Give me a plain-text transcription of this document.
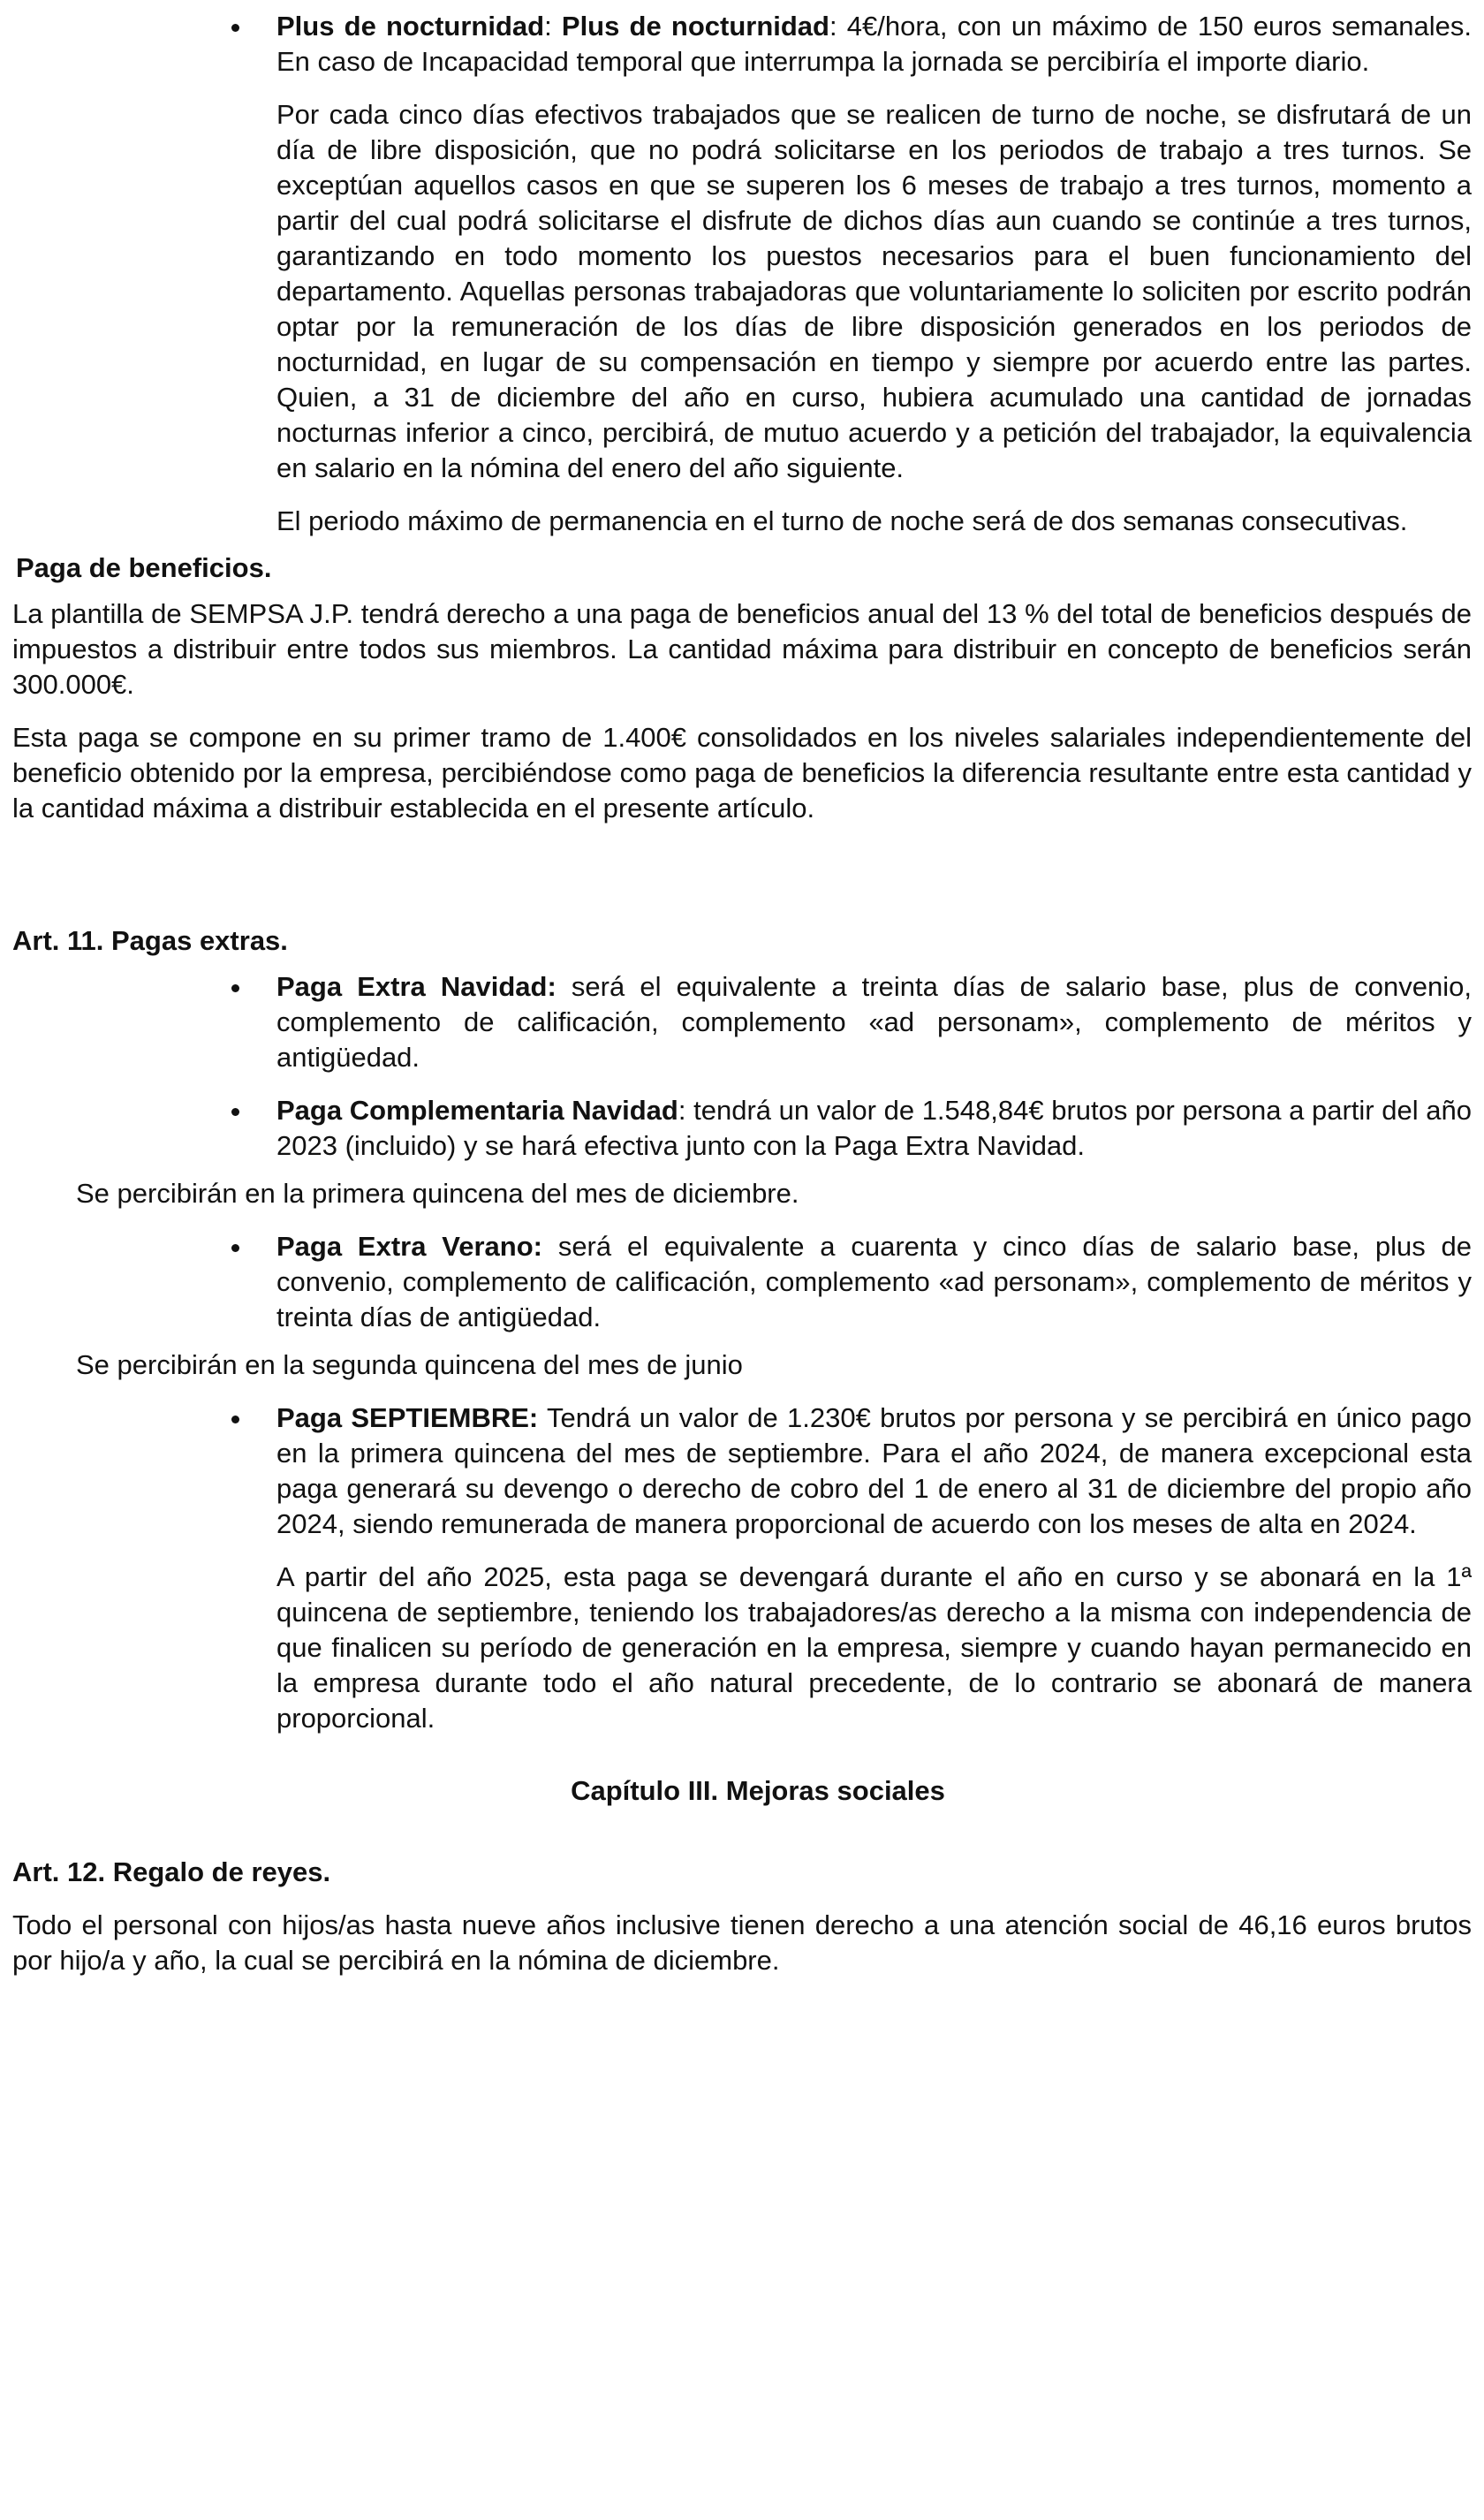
Plus de nocturnidad: Plus de nocturnidad: 4€/hora, con un máximo de 150 euros semanales. En caso de Incapacidad temporal que interrumpa la jornada se percibiría el importe diario.

Por cada cinco días efectivos trabajados que se realicen de turno de noche, se disfrutará de un día de libre disposición, que no podrá solicitarse en los periodos de trabajo a tres turnos. Se exceptúan aquellos casos en que se superen los 6 meses de trabajo a tres turnos, momento a partir del cual podrá solicitarse el disfrute de dichos días aun cuando se continúe a tres turnos, garantizando en todo momento los puestos necesarios para el buen funcionamiento del departamento. Aquellas personas trabajadoras que voluntariamente lo soliciten por escrito podrán optar por la remuneración de los días de libre disposición generados en los periodos de nocturnidad, en lugar de su compensación en tiempo y siempre por acuerdo entre las partes. Quien, a 31 de diciembre del año en curso, hubiera acumulado una cantidad de jornadas nocturnas inferior a cinco, percibirá, de mutuo acuerdo y a petición del trabajador, la equivalencia en salario en la nómina del enero del año siguiente.

El periodo máximo de permanencia en el turno de noche será de dos semanas consecutivas.

Paga de beneficios.

La plantilla de SEMPSA J.P. tendrá derecho a una paga de beneficios anual del 13 % del total de beneficios después de impuestos a distribuir entre todos sus miembros. La cantidad máxima para distribuir en concepto de beneficios serán 300.000€.

Esta paga se compone en su primer tramo de 1.400€ consolidados en los niveles salariales independientemente del beneficio obtenido por la empresa, percibiéndose como paga de beneficios la diferencia resultante entre esta cantidad y la cantidad máxima a distribuir establecida en el presente artículo.

Art. 11. Pagas extras.

Paga Extra Navidad: será el equivalente a treinta días de salario base, plus de convenio, complemento de calificación, complemento «ad personam», complemento de méritos y antigüedad.

Paga Complementaria Navidad: tendrá un valor de 1.548,84€ brutos por persona a partir del año 2023 (incluido) y se hará efectiva junto con la Paga Extra Navidad.

Se percibirán en la primera quincena del mes de diciembre.

Paga Extra Verano: será el equivalente a cuarenta y cinco días de salario base, plus de convenio, complemento de calificación, complemento «ad personam», complemento de méritos y treinta días de antigüedad.

Se percibirán en la segunda quincena del mes de junio

Paga SEPTIEMBRE: Tendrá un valor de 1.230€ brutos por persona y se percibirá en único pago en la primera quincena del mes de septiembre. Para el año 2024, de manera excepcional esta paga generará su devengo o derecho de cobro del 1 de enero al 31 de diciembre del propio año 2024, siendo remunerada de manera proporcional de acuerdo con los meses de alta en 2024.

A partir del año 2025, esta paga se devengará durante el año en curso y se abonará en la 1ª quincena de septiembre, teniendo los trabajadores/as derecho a la misma con independencia de que finalicen su período de generación en la empresa, siempre y cuando hayan permanecido en la empresa durante todo el año natural precedente, de lo contrario se abonará de manera proporcional.

Capítulo III. Mejoras sociales

Art. 12. Regalo de reyes.

Todo el personal con hijos/as hasta nueve años inclusive tienen derecho a una atención social de 46,16 euros brutos por hijo/a y año, la cual se percibirá en la nómina de diciembre.
